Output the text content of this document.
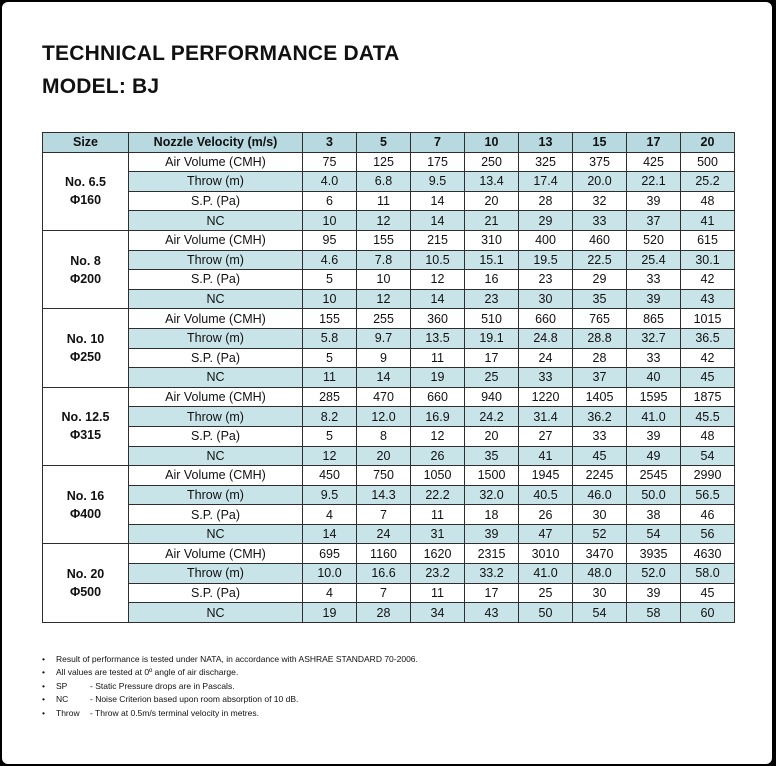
TECHNICAL PERFORMANCE DATA
MODEL: BJ
Size	Nozzle Velocity (m/s)	3	5	7	10	13	15	17	20

No. 6.5
Φ160	Air Volume (CMH)	75	125	175	250	325	375	425	500
	Throw (m)	4.0	6.8	9.5	13.4	17.4	20.0	22.1	25.2
	S.P. (Pa)	6	11	14	20	28	32	39	48
	NC	10	12	14	21	29	33	37	41

No. 8
Φ200	Air Volume (CMH)	95	155	215	310	400	460	520	615
	Throw (m)	4.6	7.8	10.5	15.1	19.5	22.5	25.4	30.1
	S.P. (Pa)	5	10	12	16	23	29	33	42
	NC	10	12	14	23	30	35	39	43

No. 10
Φ250	Air Volume (CMH)	155	255	360	510	660	765	865	1015
	Throw (m)	5.8	9.7	13.5	19.1	24.8	28.8	32.7	36.5
	S.P. (Pa)	5	9	11	17	24	28	33	42
	NC	11	14	19	25	33	37	40	45

No. 12.5
Φ315	Air Volume (CMH)	285	470	660	940	1220	1405	1595	1875
	Throw (m)	8.2	12.0	16.9	24.2	31.4	36.2	41.0	45.5
	S.P. (Pa)	5	8	12	20	27	33	39	48
	NC	12	20	26	35	41	45	49	54

No. 16
Φ400	Air Volume (CMH)	450	750	1050	1500	1945	2245	2545	2990
	Throw (m)	9.5	14.3	22.2	32.0	40.5	46.0	50.0	56.5
	S.P. (Pa)	4	7	11	18	26	30	38	46
	NC	14	24	31	39	47	52	54	56

No. 20
Φ500	Air Volume (CMH)	695	1160	1620	2315	3010	3470	3935	4630
	Throw (m)	10.0	16.6	23.2	33.2	41.0	48.0	52.0	58.0
	S.P. (Pa)	4	7	11	17	25	30	39	45
	NC	19	28	34	43	50	54	58	60
• Result of performance is tested under NATA, in accordance with ASHRAE STANDARD 70-2006.
• All values are tested at 0º angle of air discharge.
• SP	- Static Pressure drops are in Pascals.
• NC	- Noise Criterion based upon room absorption of 10 dB.
• Throw - Throw at 0.5m/s terminal velocity in metres.
